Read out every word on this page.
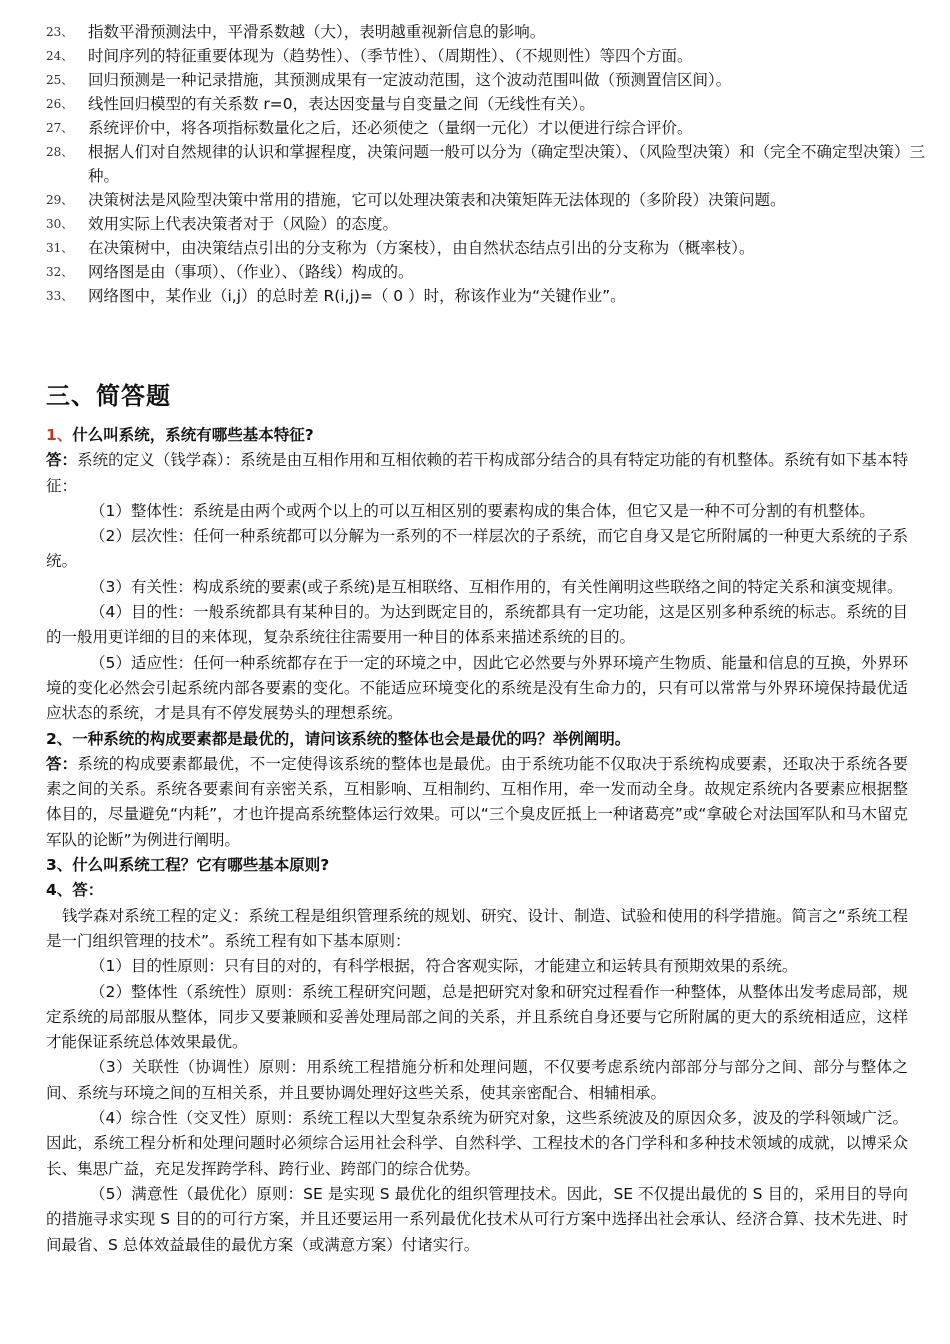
23、 指数平滑预测法中，平滑系数越（大），表明越重视新信息的影响。
24、 时间序列的特征重要体现为（趋势性）、（季节性）、（周期性）、（不规则性）等四个方面。
25、 回归预测是一种记录措施，其预测成果有一定波动范围，这个波动范围叫做（预测置信区间）。
26、 线性回归模型的有关系数 r=0，表达因变量与自变量之间（无线性有关）。
27、 系统评价中，将各项指标数量化之后，还必须使之（量纲一元化）才以便进行综合评价。
28、 根据人们对自然规律的认识和掌握程度，决策问题一般可以分为（确定型决策）、（风险型决策）和（完全不确定型决策）三种。
29、 决策树法是风险型决策中常用的措施，它可以处理决策表和决策矩阵无法体现的（多阶段）决策问题。
30、 效用实际上代表决策者对于（风险）的态度。
31、 在决策树中，由决策结点引出的分支称为（方案枝），由自然状态结点引出的分支称为（概率枝）。
32、 网络图是由（事项）、（作业）、（路线）构成的。
33、 网络图中，某作业（i,j）的总时差 R(i,j)=（ 0 ）时，称该作业为“关键作业”。
三、简答题
1、什么叫系统，系统有哪些基本特征?

答：系统的定义（钱学森）：系统是由互相作用和互相依赖的若干构成部分结合的具有特定功能的有机整体。系统有如下基本特征：

（1）整体性：系统是由两个或两个以上的可以互相区别的要素构成的集合体，但它又是一种不可分割的有机整体。

（2）层次性：任何一种系统都可以分解为一系列的不一样层次的子系统，而它自身又是它所附属的一种更大系统的子系统。

（3）有关性：构成系统的要素(或子系统)是互相联络、互相作用的，有关性阐明这些联络之间的特定关系和演变规律。

（4）目的性：一般系统都具有某种目的。为达到既定目的，系统都具有一定功能，这是区别多种系统的标志。系统的目的一般用更详细的目的来体现，复杂系统往往需要用一种目的体系来描述系统的目的。

（5）适应性：任何一种系统都存在于一定的环境之中，因此它必然要与外界环境产生物质、能量和信息的互换，外界环境的变化必然会引起系统内部各要素的变化。不能适应环境变化的系统是没有生命力的，只有可以常常与外界环境保持最优适应状态的系统，才是具有不停发展势头的理想系统。

2、一种系统的构成要素都是最优的，请问该系统的整体也会是最优的吗？举例阐明。

答：系统的构成要素都最优，不一定使得该系统的整体也是最优。由于系统功能不仅取决于系统构成要素，还取决于系统各要素之间的关系。系统各要素间有亲密关系，互相影响、互相制约、互相作用，牵一发而动全身。故规定系统内各要素应根据整体目的，尽量避免“内耗”，才也许提高系统整体运行效果。可以“三个臭皮匠抵上一种诸葛亮”或“拿破仑对法国军队和马木留克军队的论断”为例进行阐明。

3、什么叫系统工程？它有哪些基本原则?
4、答：

钱学森对系统工程的定义：系统工程是组织管理系统的规划、研究、设计、制造、试验和使用的科学措施。简言之“系统工程是一门组织管理的技术”。系统工程有如下基本原则：

（1）目的性原则：只有目的对的，有科学根据，符合客观实际，才能建立和运转具有预期效果的系统。

（2）整体性（系统性）原则：系统工程研究问题，总是把研究对象和研究过程看作一种整体，从整体出发考虑局部，规定系统的局部服从整体，同步又要兼顾和妥善处理局部之间的关系，并且系统自身还要与它所附属的更大的系统相适应，这样才能保证系统总体效果最优。

（3）关联性（协调性）原则：用系统工程措施分析和处理问题，不仅要考虑系统内部部分与部分之间、部分与整体之间、系统与环境之间的互相关系，并且要协调处理好这些关系，使其亲密配合、相辅相承。

（4）综合性（交叉性）原则：系统工程以大型复杂系统为研究对象，这些系统波及的原因众多，波及的学科领域广泛。因此，系统工程分析和处理问题时必须综合运用社会科学、自然科学、工程技术的各门学科和多种技术领域的成就，以博采众长、集思广益，充足发挥跨学科、跨行业、跨部门的综合优势。

（5）满意性（最优化）原则：SE 是实现 S 最优化的组织管理技术。因此，SE 不仅提出最优的 S 目的，采用目的导向的措施寻求实现 S 目的的可行方案，并且还要运用一系列最优化技术从可行方案中选择出社会承认、经济合算、技术先进、时间最省、S 总体效益最佳的最优方案（或满意方案）付诸实行。
